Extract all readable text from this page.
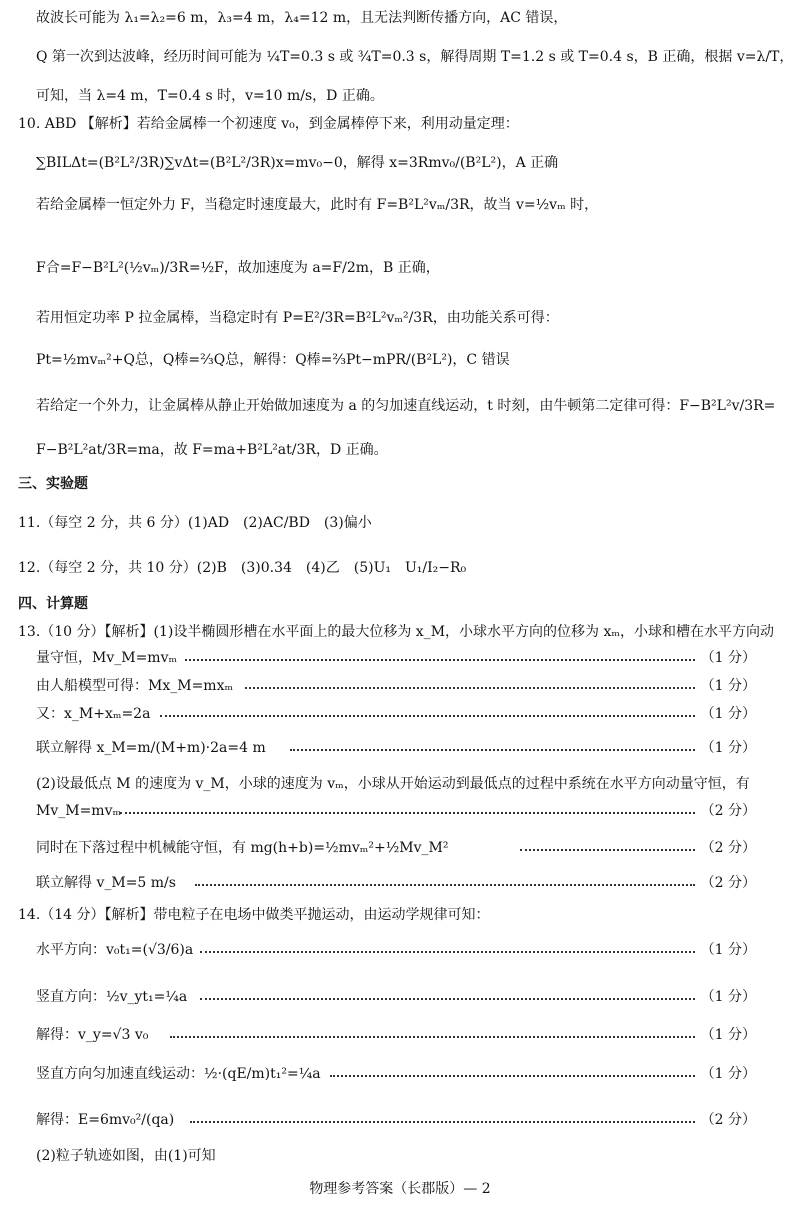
故波长可能为 λ₁=λ₂=6 m，λ₃=4 m，λ₄=12 m，且无法判断传播方向，AC 错误，
Q 第一次到达波峰，经历时间可能为 ¼T=0.3 s 或 ¾T=0.3 s，解得周期 T=1.2 s 或 T=0.4 s，B 正确，根据 v=λ/T，
可知，当 λ=4 m，T=0.4 s 时，v=10 m/s，D 正确。
10. ABD 【解析】若给金属棒一个初速度 v₀，到金属棒停下来，利用动量定理：
∑BILΔt=(B²L²/3R)∑vΔt=(B²L²/3R)x=mv₀−0，解得 x=3Rmv₀/(B²L²)，A 正确
若给金属棒一恒定外力 F，当稳定时速度最大，此时有 F=B²L²vₘ/3R，故当 v=½vₘ 时，
F合=F−B²L²(½vₘ)/3R=½F，故加速度为 a=F/2m，B 正确，
若用恒定功率 P 拉金属棒，当稳定时有 P=E²/3R=B²L²vₘ²/3R，由功能关系可得：
Pt=½mvₘ²+Q总，Q棒=⅔Q总，解得：Q棒=⅔Pt−mPR/(B²L²)，C 错误
若给定一个外力，让金属棒从静止开始做加速度为 a 的匀加速直线运动，t 时刻，由牛顿第二定律可得：F−B²L²v/3R=
F−B²L²at/3R=ma，故 F=ma+B²L²at/3R，D 正确。
三、实验题
11.（每空 2 分，共 6 分）(1)AD　(2)AC/BD　(3)偏小
12.（每空 2 分，共 10 分）(2)B　(3)0.34　(4)乙　(5)U₁　U₁/I₂−R₀
四、计算题
13.（10 分）【解析】(1)设半椭圆形槽在水平面上的最大位移为 x_M，小球水平方向的位移为 xₘ，小球和槽在水平方向动
量守恒，Mv_M=mvₘ	（1 分）
由人船模型可得：Mx_M=mxₘ	（1 分）
又：x_M+xₘ=2a	（1 分）
联立解得 x_M=m/(M+m)·2a=4 m	（1 分）
(2)设最低点 M 的速度为 v_M，小球的速度为 vₘ，小球从开始运动到最低点的过程中系统在水平方向动量守恒，有
Mv_M=mvₘ	（2 分）
同时在下落过程中机械能守恒，有 mg(h+b)=½mvₘ²+½Mv_M²	（2 分）
联立解得 v_M=5 m/s	（2 分）
14.（14 分）【解析】带电粒子在电场中做类平抛运动，由运动学规律可知：
水平方向：v₀t₁=(√3/6)a	（1 分）
竖直方向：½v_yt₁=¼a	（1 分）
解得：v_y=√3 v₀	（1 分）
竖直方向匀加速直线运动：½·(qE/m)t₁²=¼a	（1 分）
解得：E=6mv₀²/(qa)	（2 分）
(2)粒子轨迹如图，由(1)可知
物理参考答案（长郡版）— 2
